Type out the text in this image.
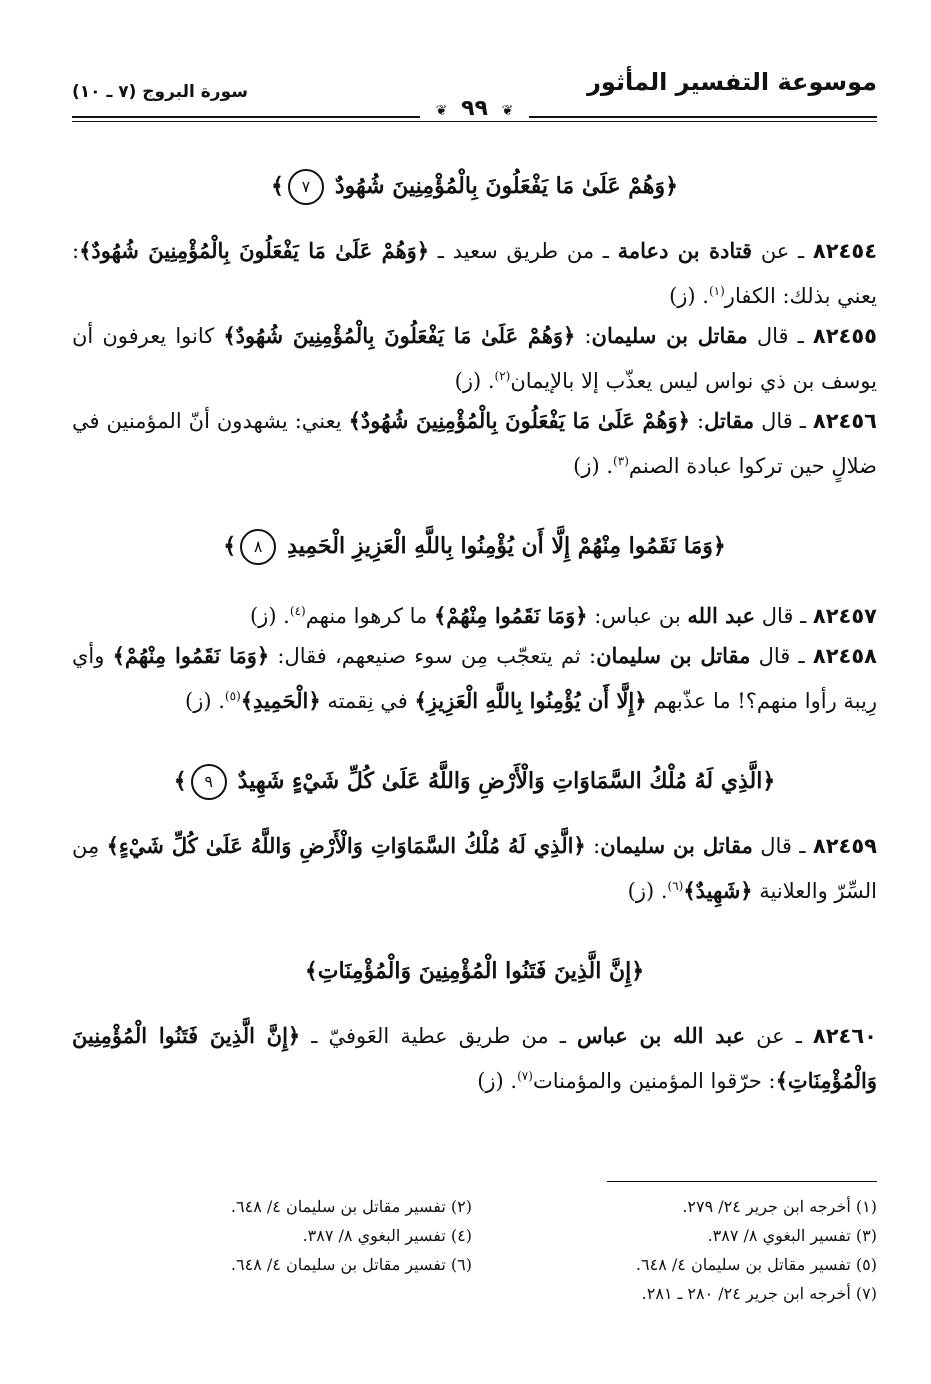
موسوعة التفسير المأثور
سورة البروج (٧ ـ ١٠)
❦ ٩٩ ❦
﴿وَهُمْ عَلَىٰ مَا يَفْعَلُونَ بِالْمُؤْمِنِينَ شُهُودٌ ٧﴾

٨٢٤٥٤ ـ عن قتادة بن دعامة ـ من طريق سعيد ـ ﴿وَهُمْ عَلَىٰ مَا يَفْعَلُونَ بِالْمُؤْمِنِينَ شُهُودٌ﴾: يعني بذلك: الكفار$^{(١)}$. (ز)

٨٢٤٥٥ ـ قال مقاتل بن سليمان: ﴿وَهُمْ عَلَىٰ مَا يَفْعَلُونَ بِالْمُؤْمِنِينَ شُهُودٌ﴾ كانوا يعرفون أن يوسف بن ذي نواس ليس يعذّب إلا بالإيمان$^{(٢)}$. (ز)

٨٢٤٥٦ ـ قال مقاتل: ﴿وَهُمْ عَلَىٰ مَا يَفْعَلُونَ بِالْمُؤْمِنِينَ شُهُودٌ﴾ يعني: يشهدون أنّ المؤمنين في ضلالٍ حين تركوا عبادة الصنم$^{(٣)}$. (ز)

﴿وَمَا نَقَمُوا مِنْهُمْ إِلَّا أَن يُؤْمِنُوا بِاللَّهِ الْعَزِيزِ الْحَمِيدِ ٨﴾

٨٢٤٥٧ ـ قال عبد الله بن عباس: ﴿وَمَا نَقَمُوا مِنْهُمْ﴾ ما كرهوا منهم$^{(٤)}$. (ز)

٨٢٤٥٨ ـ قال مقاتل بن سليمان: ثم يتعجّب مِن سوء صنيعهم، فقال: ﴿وَمَا نَقَمُوا مِنْهُمْ﴾ وأي رِيبة رأوا منهم؟! ما عذّبهم ﴿إِلَّا أَن يُؤْمِنُوا بِاللَّهِ الْعَزِيزِ﴾ في نِقمته ﴿الْحَمِيدِ﴾$^{(٥)}$. (ز)

﴿الَّذِي لَهُ مُلْكُ السَّمَاوَاتِ وَالْأَرْضِ وَاللَّهُ عَلَىٰ كُلِّ شَيْءٍ شَهِيدٌ ٩﴾

٨٢٤٥٩ ـ قال مقاتل بن سليمان: ﴿الَّذِي لَهُ مُلْكُ السَّمَاوَاتِ وَالْأَرْضِ وَاللَّهُ عَلَىٰ كُلِّ شَيْءٍ﴾ مِن السِّرّ والعلانية ﴿شَهِيدٌ﴾$^{(٦)}$. (ز)

﴿إِنَّ الَّذِينَ فَتَنُوا الْمُؤْمِنِينَ وَالْمُؤْمِنَاتِ﴾

٨٢٤٦٠ ـ عن عبد الله بن عباس ـ من طريق عطية العَوفيّ ـ ﴿إِنَّ الَّذِينَ فَتَنُوا الْمُؤْمِنِينَ وَالْمُؤْمِنَاتِ﴾: حرّقوا المؤمنين والمؤمنات$^{(٧)}$. (ز)

(١) أخرجه ابن جرير ٢٤/ ٢٧٩.
(٣) تفسير البغوي ٨/ ٣٨٧.
(٥) تفسير مقاتل بن سليمان ٤/ ٦٤٨.
(٧) أخرجه ابن جرير ٢٤/ ٢٨٠ ـ ٢٨١.
(٢) تفسير مقاتل بن سليمان ٤/ ٦٤٨.
(٤) تفسير البغوي ٨/ ٣٨٧.
(٦) تفسير مقاتل بن سليمان ٤/ ٦٤٨.
